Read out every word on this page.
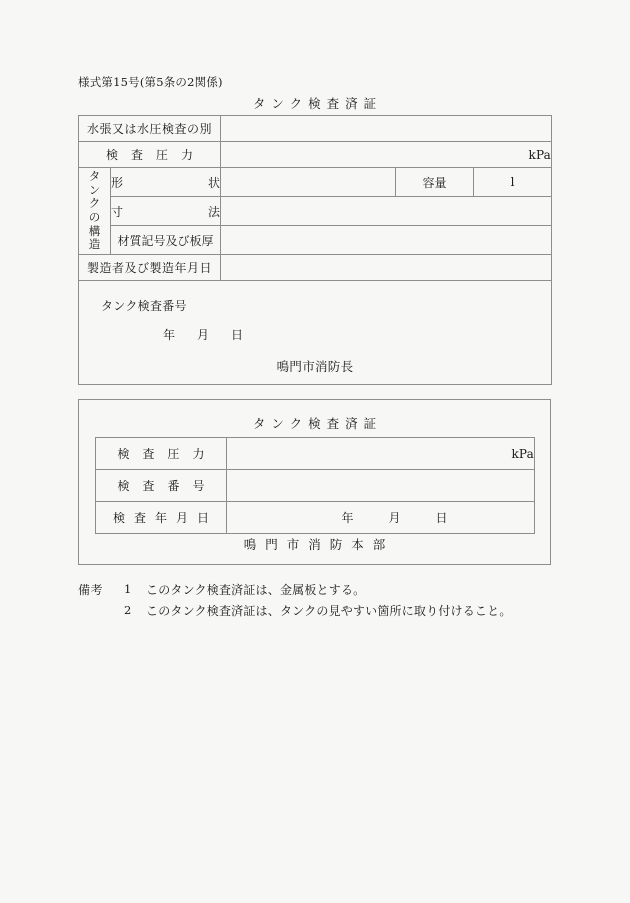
様式第15号(第5条の2関係)
タンク検査済証
水張又は水圧検査の別				
検査圧力		kPa		

タ
ン
ク
の
構
造
	形状		容量	l
	寸法			
	材質記号及び板厚			
製造者及び製造年月日				

タンク検査番号
年月日
鳴門市消防長				
タンク検査済証
検査圧力	kPa
検査番号	
検査年月日	年月日
鳴門市消防本部
備考	1	このタンク検査済証は、金属板とする。
2	このタンク検査済証は、タンクの見やすい箇所に取り付けること。
